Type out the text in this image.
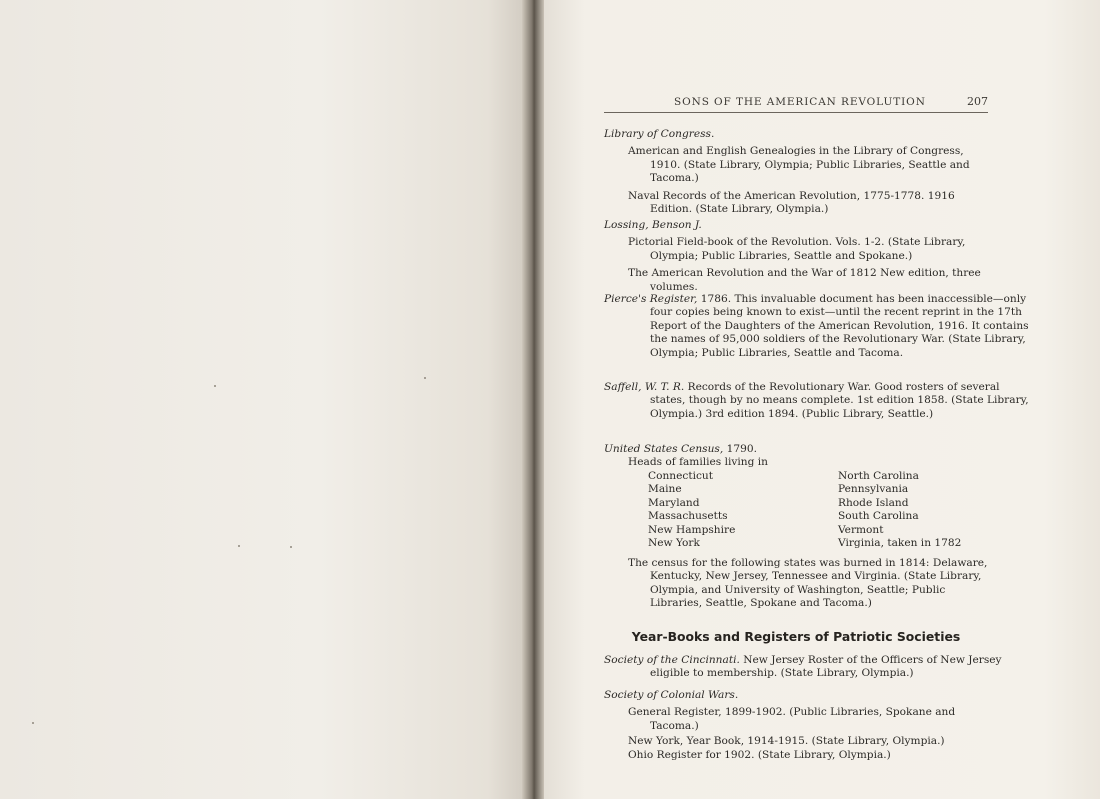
SONS OF THE AMERICAN REVOLUTION	207
Library of Congress.
American and English Genealogies in the Library of Congress, 1910. (State Library, Olympia; Public Libraries, Seattle and Tacoma.)
Naval Records of the American Revolution, 1775-1778. 1916 Edition. (State Library, Olympia.)
Lossing, Benson J.
Pictorial Field-book of the Revolution. Vols. 1-2. (State Library, Olympia; Public Libraries, Seattle and Spokane.)
The American Revolution and the War of 1812 New edition, three volumes.
Pierce's Register, 1786. This invaluable document has been inaccessible—only four copies being known to exist—until the recent reprint in the 17th Report of the Daughters of the American Revolution, 1916. It contains the names of 95,000 soldiers of the Revolutionary War. (State Library, Olympia; Public Libraries, Seattle and Tacoma.
Saffell, W. T. R. Records of the Revolutionary War. Good rosters of several states, though by no means complete. 1st edition 1858. (State Library, Olympia.) 3rd edition 1894. (Public Library, Seattle.)
United States Census, 1790.
Heads of families living in
Connecticut
Maine
Maryland
Massachusetts
New Hampshire
New York
North Carolina
Pennsylvania
Rhode Island
South Carolina
Vermont
Virginia, taken in 1782
The census for the following states was burned in 1814: Delaware, Kentucky, New Jersey, Tennessee and Virginia. (State Library, Olympia, and University of Washington, Seattle; Public Libraries, Seattle, Spokane and Tacoma.)
Year-Books and Registers of Patriotic Societies
Society of the Cincinnati. New Jersey Roster of the Officers of New Jersey eligible to membership. (State Library, Olympia.)
Society of Colonial Wars.
General Register, 1899-1902. (Public Libraries, Spokane and Tacoma.)
New York, Year Book, 1914-1915. (State Library, Olympia.)
Ohio Register for 1902. (State Library, Olympia.)
